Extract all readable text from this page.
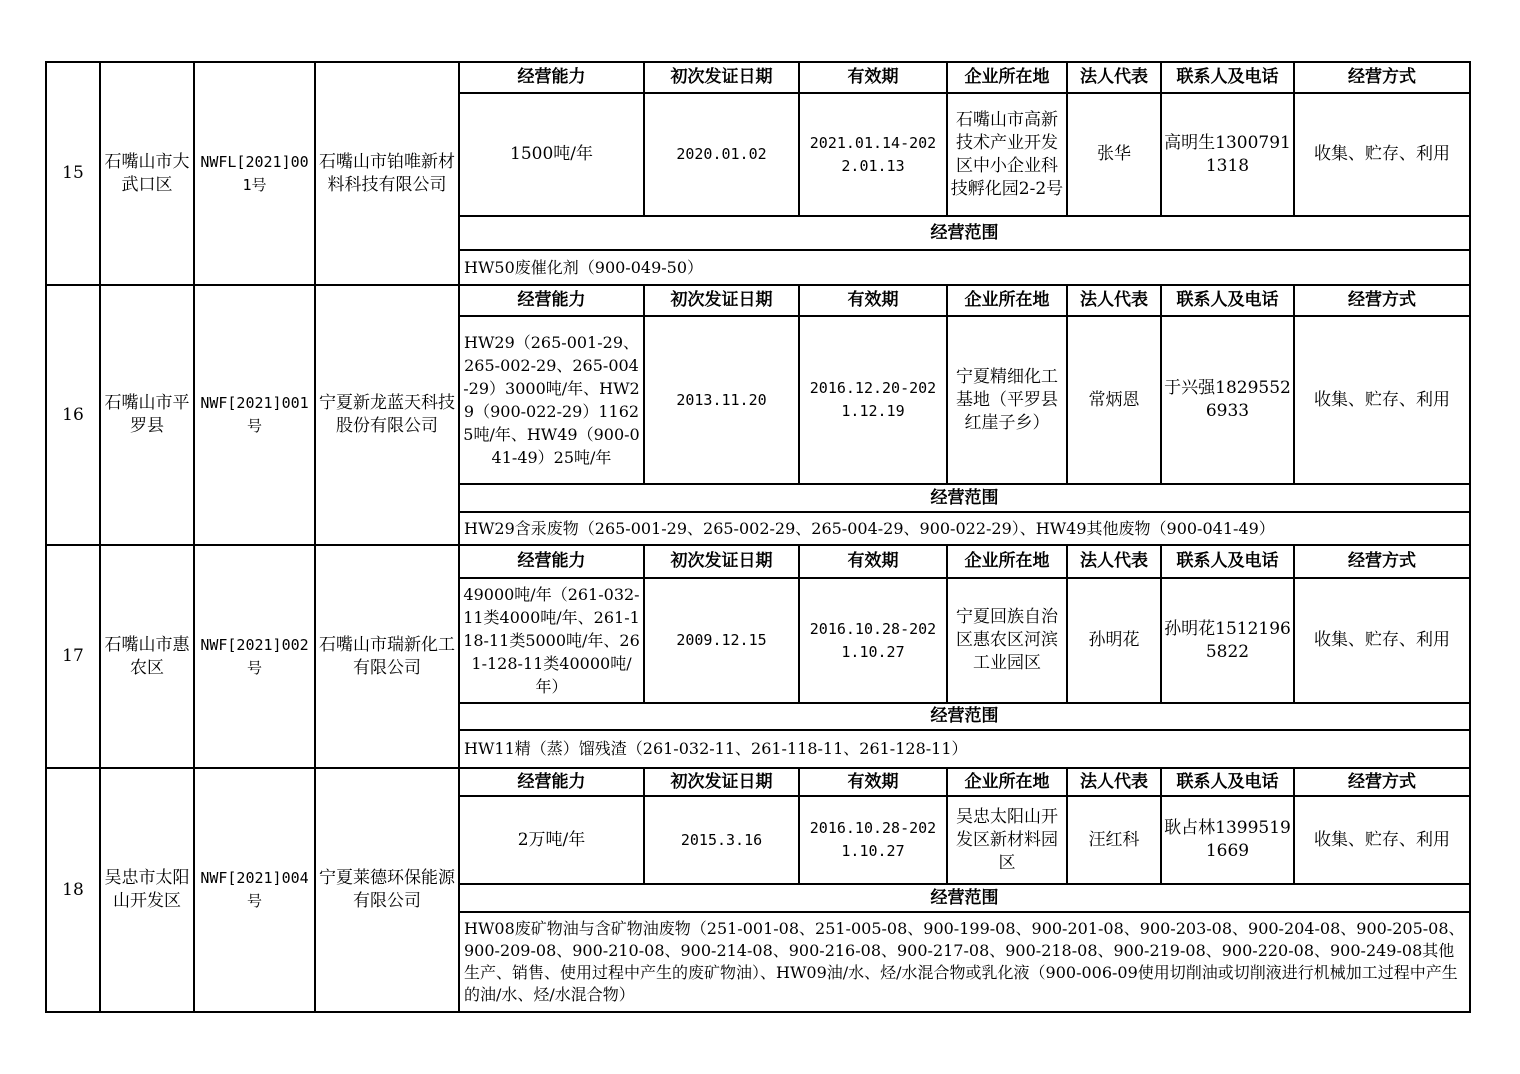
15	石嘴山市大武口区	NWFL[2021]001号	石嘴山市铂唯新材料科技有限公司	经营能力	初次发证日期	有效期	企业所在地	法人代表	联系人及电话	经营方式
				1500吨/年	2020.01.02	2021.01.14-2022.01.13	石嘴山市高新技术产业开发区中小企业科技孵化园2-2号	张华	高明生13007911318	收集、贮存、利用
				经营范围						
				HW50废催化剂（900-049-50）						
16	石嘴山市平罗县	NWF[2021]001号	宁夏新龙蓝天科技股份有限公司	经营能力	初次发证日期	有效期	企业所在地	法人代表	联系人及电话	经营方式
				HW29（265-001-29、265-002-29、265-004-29）3000吨/年、HW29（900-022-29）11625吨/年、HW49（900-041-49）25吨/年	2013.11.20	2016.12.20-2021.12.19	宁夏精细化工基地（平罗县红崖子乡）	常炳恩	于兴强18295526933	收集、贮存、利用
				经营范围						
				HW29含汞废物（265-001-29、265-002-29、265-004-29、900-022-29）、HW49其他废物（900-041-49）						
17	石嘴山市惠农区	NWF[2021]002号	石嘴山市瑞新化工有限公司	经营能力	初次发证日期	有效期	企业所在地	法人代表	联系人及电话	经营方式
				49000吨/年（261-032-11类4000吨/年、261-118-11类5000吨/年、261-128-11类40000吨/年）	2009.12.15	2016.10.28-2021.10.27	宁夏回族自治区惠农区河滨工业园区	孙明花	孙明花15121965822	收集、贮存、利用
				经营范围						
				HW11精（蒸）馏残渣（261-032-11、261-118-11、261-128-11）						
18	吴忠市太阳山开发区	NWF[2021]004号	宁夏莱德环保能源有限公司	经营能力	初次发证日期	有效期	企业所在地	法人代表	联系人及电话	经营方式
				2万吨/年	2015.3.16	2016.10.28-2021.10.27	吴忠太阳山开发区新材料园区	汪红科	耿占林13995191669	收集、贮存、利用
				经营范围						
				HW08废矿物油与含矿物油废物（251-001-08、251-005-08、900-199-08、900-201-08、900-203-08、900-204-08、900-205-08、900-209-08、900-210-08、900-214-08、900-216-08、900-217-08、900-218-08、900-219-08、900-220-08、900-249-08其他生产、销售、使用过程中产生的废矿物油）、HW09油/水、烃/水混合物或乳化液（900-006-09使用切削油或切削液进行机械加工过程中产生的油/水、烃/水混合物）						
